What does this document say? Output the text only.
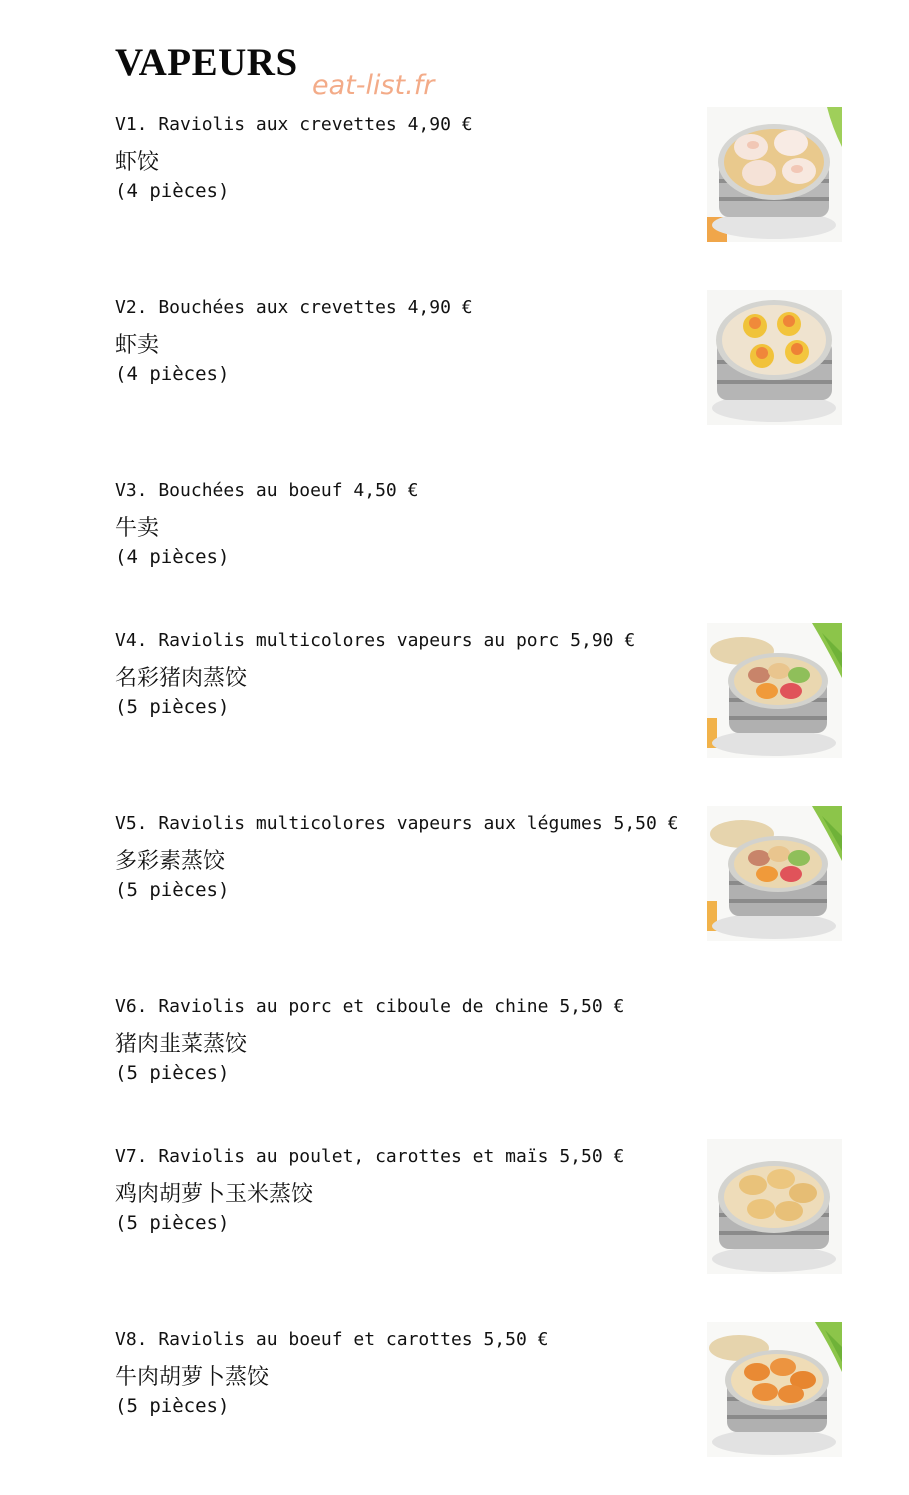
VAPEURS
eat-list.fr
V1. Raviolis aux crevettes 4,90 €
虾饺
(4 pièces)
V2. Bouchées aux crevettes 4,90 €
虾卖
(4 pièces)
V3. Bouchées au boeuf 4,50 €
牛卖
(4 pièces)
V4. Raviolis multicolores vapeurs au porc 5,90 €
名彩猪肉蒸饺
(5 pièces)
V5. Raviolis multicolores vapeurs aux légumes 5,50 €
多彩素蒸饺
(5 pièces)
V6. Raviolis au porc et ciboule de chine 5,50 €
猪肉韭菜蒸饺
(5 pièces)
V7. Raviolis au poulet, carottes et maïs 5,50 €
鸡肉胡萝卜玉米蒸饺
(5 pièces)
V8. Raviolis au boeuf et carottes 5,50 €
牛肉胡萝卜蒸饺
(5 pièces)
